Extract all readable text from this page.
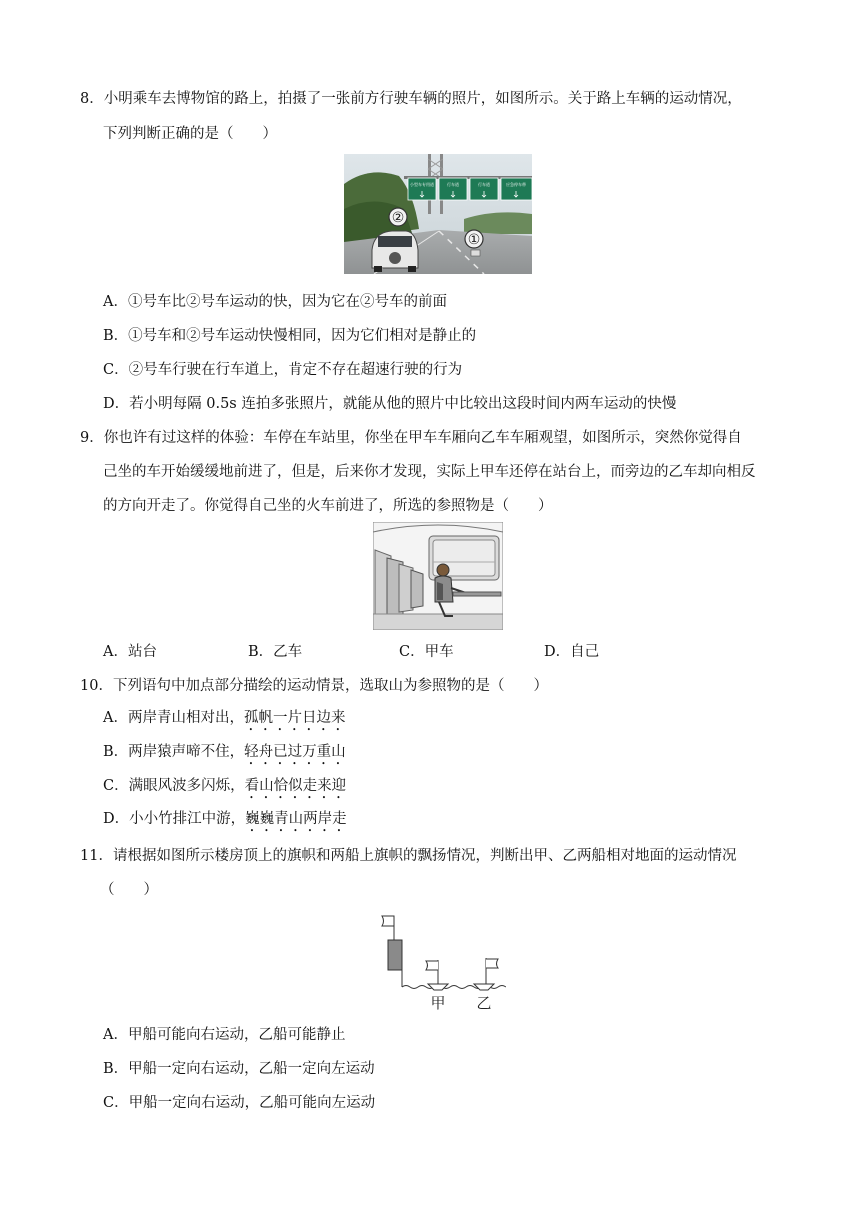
8．小明乘车去博物馆的路上，拍摄了一张前方行驶车辆的照片，如图所示。关于路上车辆的运动情况，
下列判断正确的是（　　）
小型车专用道	行车道	行车道	应急停车带
②
①
A．①号车比②号车运动的快，因为它在②号车的前面
B．①号车和②号车运动快慢相同，因为它们相对是静止的
C．②号车行驶在行车道上，肯定不存在超速行驶的行为
D．若小明每隔 0.5s 连拍多张照片，就能从他的照片中比较出这段时间内两车运动的快慢
9．你也许有过这样的体验：车停在车站里，你坐在甲车车厢向乙车车厢观望，如图所示，突然你觉得自
己坐的车开始缓缓地前进了，但是，后来你才发现，实际上甲车还停在站台上，而旁边的乙车却向相反
的方向开走了。你觉得自己坐的火车前进了，所选的参照物是（　　）
A．站台	B．乙车	C．甲车	D．自己
10．下列语句中加点部分描绘的运动情景，选取山为参照物的是（　　）
A．两岸青山相对出，孤帆一片日边来
B．两岸猿声啼不住，轻舟已过万重山
C．满眼风波多闪烁，看山恰似走来迎
D．小小竹排江中游，巍巍青山两岸走
11．请根据如图所示楼房顶上的旗帜和两船上旗帜的飘扬情况，判断出甲、乙两船相对地面的运动情况
（　　）
甲 乙
A．甲船可能向右运动，乙船可能静止
B．甲船一定向右运动，乙船一定向左运动
C．甲船一定向右运动，乙船可能向左运动
